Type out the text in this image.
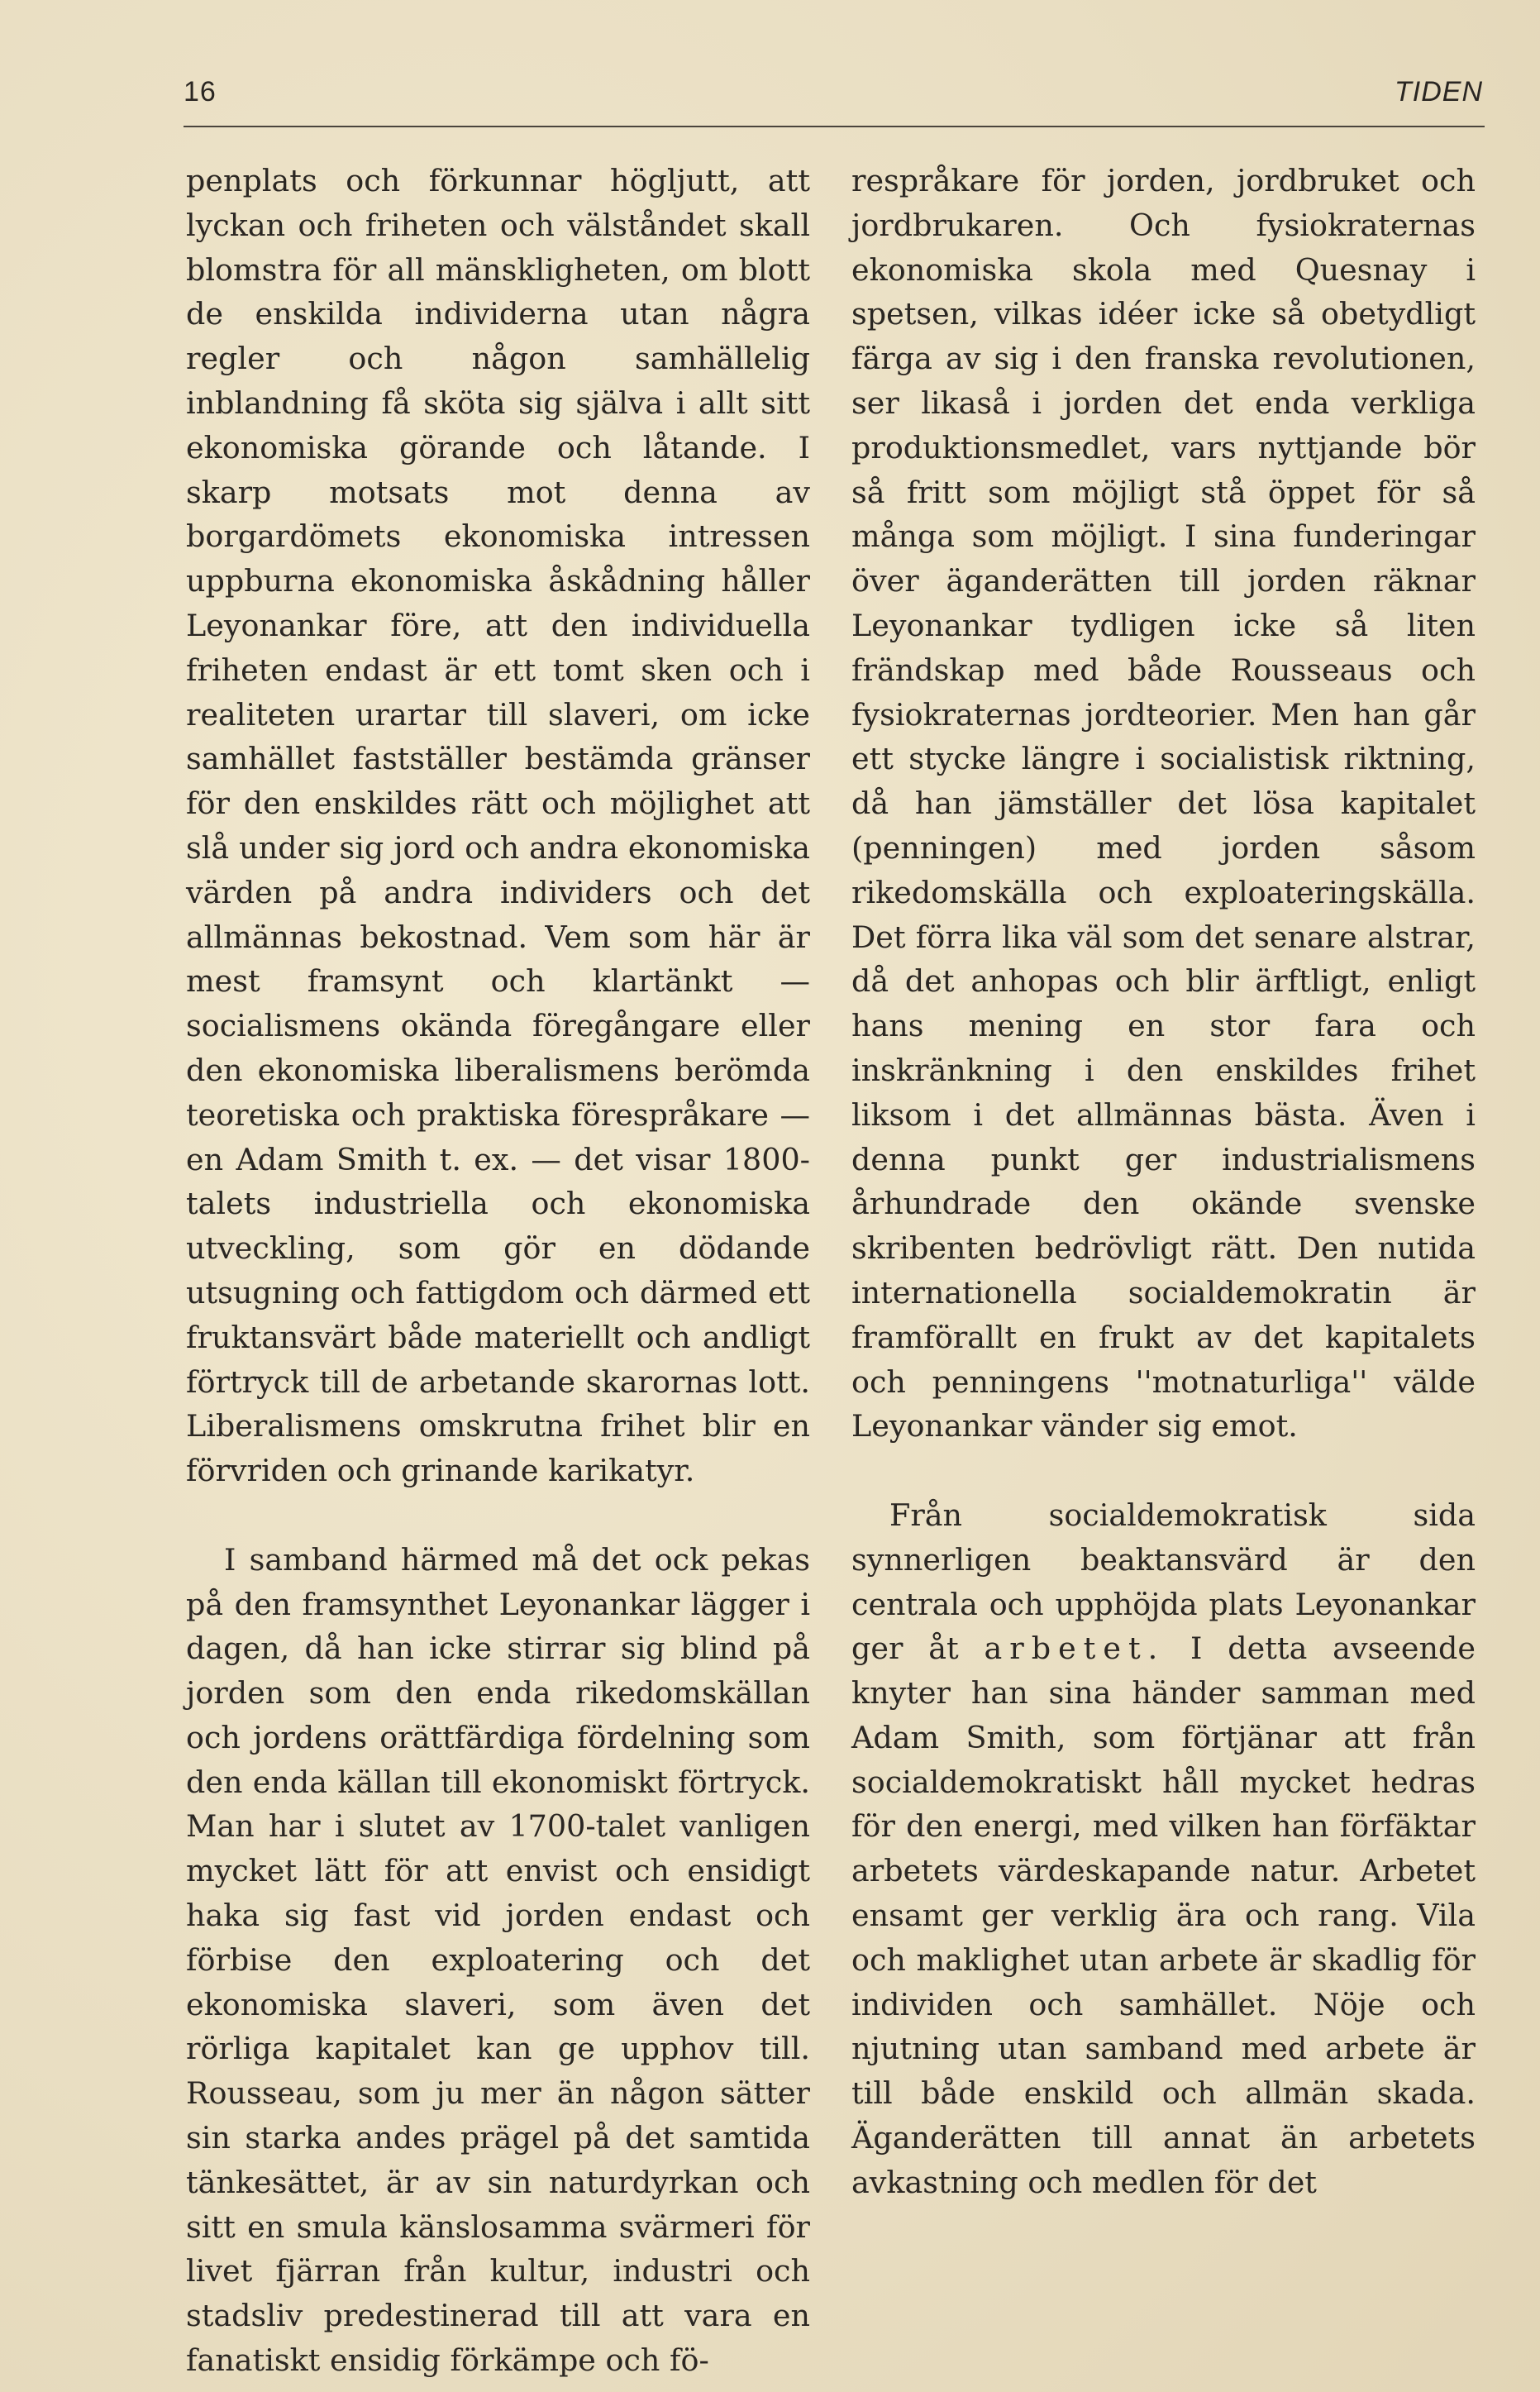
16	TIDEN

penplats och förkunnar högljutt, att lyckan och friheten och välståndet skall blomstra för all mänskligheten, om blott de enskilda individerna utan några regler och någon samhällelig inblandning få sköta sig själva i allt sitt ekonomiska görande och låtande. I skarp motsats mot denna av borgardömets ekonomiska intressen uppburna ekonomiska åskådning håller Leyonankar före, att den individuella friheten endast är ett tomt sken och i realiteten urartar till slaveri, om icke samhället fastställer bestämda gränser för den enskildes rätt och möjlighet att slå under sig jord och andra ekonomiska värden på andra individers och det allmännas bekostnad. Vem som här är mest framsynt och klartänkt — socialismens okända föregångare eller den ekonomiska liberalismens berömda teoretiska och praktiska förespråkare — en Adam Smith t. ex. — det visar 1800-talets industriella och ekonomiska utveckling, som gör en dödande utsugning och fattigdom och därmed ett fruktansvärt både materiellt och andligt förtryck till de arbetande skarornas lott. Liberalismens omskrutna frihet blir en förvriden och grinande karikatyr.

I samband härmed må det ock pekas på den framsynthet Leyonankar lägger i dagen, då han icke stirrar sig blind på jorden som den enda rikedomskällan och jordens orättfärdiga fördelning som den enda källan till ekonomiskt förtryck. Man har i slutet av 1700-talet vanligen mycket lätt för att envist och ensidigt haka sig fast vid jorden endast och förbise den exploatering och det ekonomiska slaveri, som även det rörliga kapitalet kan ge upphov till. Rousseau, som ju mer än någon sätter sin starka andes prägel på det samtida tänkesättet, är av sin naturdyrkan och sitt en smula känslosamma svärmeri för livet fjärran från kultur, industri och stadsliv predestinerad till att vara en fanatiskt ensidig förkämpe och fö-

respråkare för jorden, jordbruket och jordbrukaren. Och fysiokraternas ekonomiska skola med Quesnay i spetsen, vilkas idéer icke så obetydligt färga av sig i den franska revolutionen, ser likaså i jorden det enda verkliga produktionsmedlet, vars nyttjande bör så fritt som möjligt stå öppet för så många som möjligt. I sina funderingar över äganderätten till jorden räknar Leyonankar tydligen icke så liten frändskap med både Rousseaus och fysiokraternas jordteorier. Men han går ett stycke längre i socialistisk riktning, då han jämställer det lösa kapitalet (penningen) med jorden såsom rikedomskälla och exploateringskälla. Det förra lika väl som det senare alstrar, då det anhopas och blir ärftligt, enligt hans mening en stor fara och inskränkning i den enskildes frihet liksom i det allmännas bästa. Även i denna punkt ger industrialismens århundrade den okände svenske skribenten bedrövligt rätt. Den nutida internationella socialdemokratin är framförallt en frukt av det kapitalets och penningens ''motnaturliga'' välde Leyonankar vänder sig emot.

Från socialdemokratisk sida synnerligen beaktansvärd är den centrala och upphöjda plats Leyonankar ger åt arbetet. I detta avseende knyter han sina händer samman med Adam Smith, som förtjänar att från socialdemokratiskt håll mycket hedras för den energi, med vilken han förfäktar arbetets värdeskapande natur. Arbetet ensamt ger verklig ära och rang. Vila och maklighet utan arbete är skadlig för individen och samhället. Nöje och njutning utan samband med arbete är till både enskild och allmän skada. Äganderätten till annat än arbetets avkastning och medlen för det
